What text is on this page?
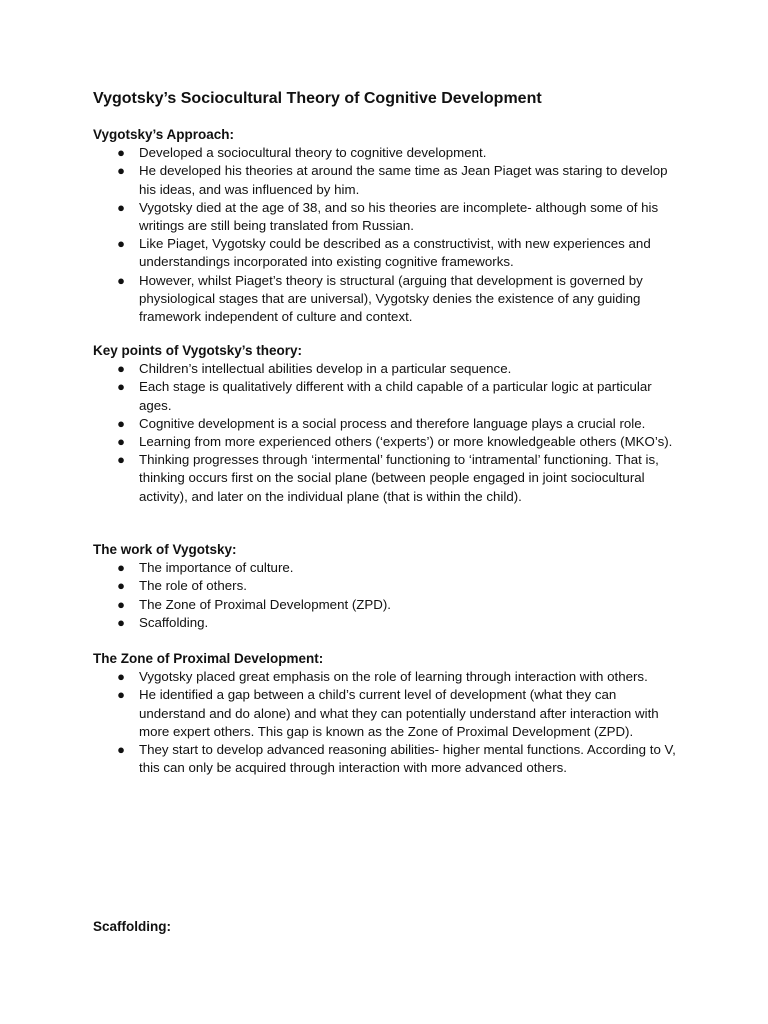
Vygotsky’s Sociocultural Theory of Cognitive Development
Vygotsky’s Approach:
● Developed a sociocultural theory to cognitive development.
● He developed his theories at around the same time as Jean Piaget was staring to develop his ideas, and was influenced by him.
● Vygotsky died at the age of 38, and so his theories are incomplete- although some of his writings are still being translated from Russian.
● Like Piaget, Vygotsky could be described as a constructivist, with new experiences and understandings incorporated into existing cognitive frameworks.
● However, whilst Piaget’s theory is structural (arguing that development is governed by physiological stages that are universal), Vygotsky denies the existence of any guiding framework independent of culture and context.
Key points of Vygotsky’s theory:
● Children’s intellectual abilities develop in a particular sequence.
● Each stage is qualitatively different with a child capable of a particular logic at particular ages.
● Cognitive development is a social process and therefore language plays a crucial role.
● Learning from more experienced others (‘experts’) or more knowledgeable others (MKO’s).
● Thinking progresses through ‘intermental’ functioning to ‘intramental’ functioning. That is, thinking occurs first on the social plane (between people engaged in joint sociocultural activity), and later on the individual plane (that is within the child).
The work of Vygotsky:
● The importance of culture.
● The role of others.
● The Zone of Proximal Development (ZPD).
● Scaffolding.
The Zone of Proximal Development:
● Vygotsky placed great emphasis on the role of learning through interaction with others.
● He identified a gap between a child’s current level of development (what they can understand and do alone) and what they can potentially understand after interaction with more expert others. This gap is known as the Zone of Proximal Development (ZPD).
● They start to develop advanced reasoning abilities- higher mental functions. According to V, this can only be acquired through interaction with more advanced others.
Scaffolding:
